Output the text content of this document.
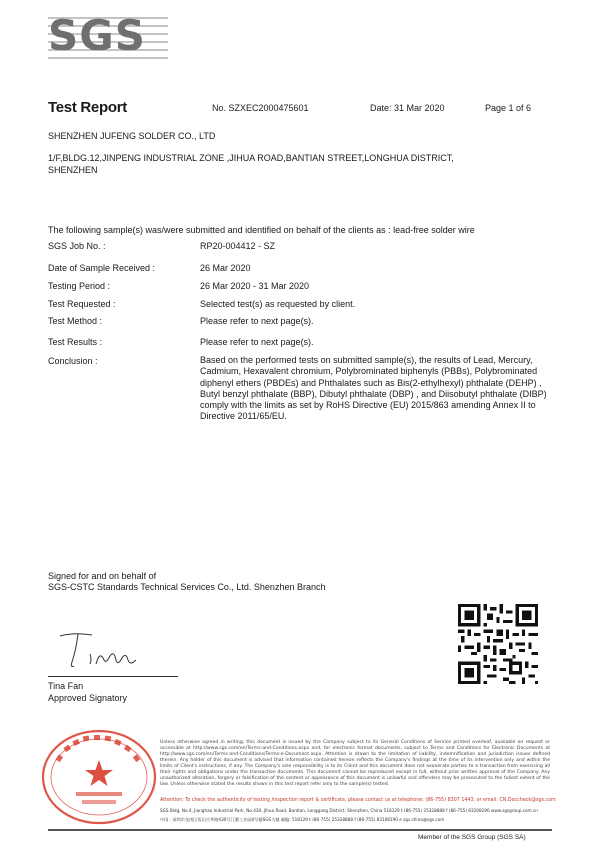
SGS
Test Report	No. SZXEC2000475601	Date: 31 Mar 2020	Page 1 of 6
SHENZHEN JUFENG SOLDER CO., LTD
1/F,BLDG.12,JINPENG INDUSTRIAL ZONE ,JIHUA ROAD,BANTIAN STREET,LONGHUA DISTRICT,
SHENZHEN
The following sample(s) was/were submitted and identified on behalf of the clients as : lead-free solder wire
SGS Job No. :	RP20-004412 - SZ
Date of Sample Received :	26 Mar 2020
Testing Period :	26 Mar 2020 - 31 Mar 2020
Test Requested :	Selected test(s) as requested by client.
Test Method :	Please refer to next page(s).
Test Results :	Please refer to next page(s).
Conclusion :	Based on the performed tests on submitted sample(s), the results of Lead, Mercury, Cadmium, Hexavalent chromium, Polybrominated biphenyls (PBBs), Polybrominated diphenyl ethers (PBDEs) and Phthalates such as Bis(2-ethylhexyl) phthalate (DEHP) , Butyl benzyl phthalate (BBP), Dibutyl phthalate (DBP) , and Diisobutyl phthalate (DIBP) comply with the limits as set by RoHS Directive (EU) 2015/863 amending Annex II to Directive 2011/65/EU.
Signed for and on behalf of
SGS-CSTC Standards Technical Services Co., Ltd. Shenzhen Branch
Tina Fan
Approved Signatory
Unless otherwise agreed in writing, this document is issued by the Company subject to its General Conditions of Service printed overleaf, available on request or accessible at http://www.sgs.com/en/Terms-and-Conditions.aspx and, for electronic format documents, subject to Terms and Conditions for Electronic Documents at http://www.sgs.com/en/Terms-and-Conditions/Terms-e-Document.aspx. Attention is drawn to the limitation of liability, indemnification and jurisdiction issues defined therein. Any holder of this document is advised that information contained hereon reflects the Company's findings at the time of its intervention only and within the limits of Client's instructions, if any. The Company's sole responsibility is to its Client and this document does not exonerate parties to a transaction from exercising all their rights and obligations under the transaction documents. This document cannot be reproduced except in full, without prior written approval of the Company. Any unauthorized alteration, forgery or falsification of the content or appearance of this document is unlawful and offenders may be prosecuted to the fullest extent of the law. Unless otherwise stated the results shown in this test report refer only to the sample(s) tested.
Attention: To check the authenticity of testing /inspection report & certificate, please contact us at telephone: (86-755) 8307 1443, or email: CN.Doccheck@sgs.com
SGS Bldg, No.4, Jianghao Industrial Park, No.430, Jihua Road, Bantian, Longgang District, Shenzhen, China 518129 t (86-755) 25328888 f (86-755) 83108190 www.sgsgroup.com.cn
中国 · 深圳市龙岗区坂田吉华路430号江灏工业园4号楼SGS大楼 邮编: 518129 t (86-755) 25328888 f (86-755) 83108190 e sgs.china@sgs.com
Member of the SGS Group (SGS SA)
